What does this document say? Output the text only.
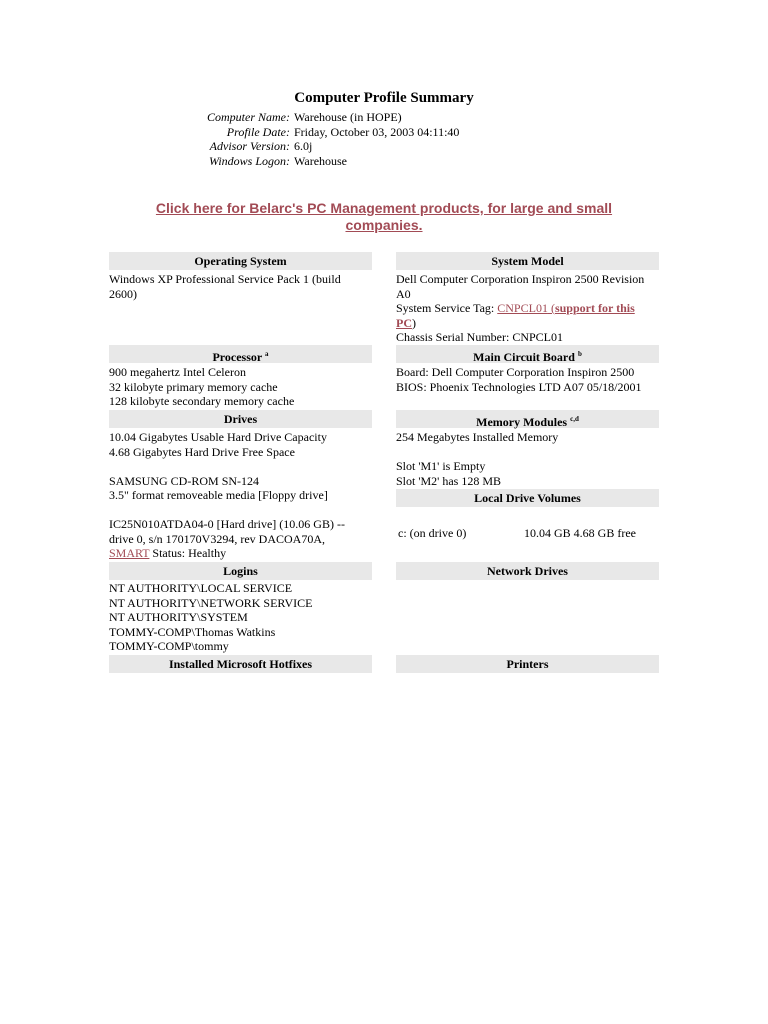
Computer Profile Summary
Computer Name:	Warehouse (in HOPE)
Profile Date:	Friday, October 03, 2003 04:11:40
Advisor Version:	6.0j
Windows Logon:	Warehouse
Click here for Belarc's PC Management products, for large and small
companies.
Operating System
Windows XP Professional Service Pack 1 (build
2600)
Processor $^a$
900 megahertz Intel Celeron
32 kilobyte primary memory cache
128 kilobyte secondary memory cache
Drives
10.04 Gigabytes Usable Hard Drive Capacity
4.68 Gigabytes Hard Drive Free Space
SAMSUNG CD-ROM SN-124
3.5" format removeable media [Floppy drive]
IC25N010ATDA04-0 [Hard drive] (10.06 GB) --
drive 0, s/n 170170V3294, rev DACOA70A,
SMART Status: Healthy
Logins
NT AUTHORITY\LOCAL SERVICE
NT AUTHORITY\NETWORK SERVICE
NT AUTHORITY\SYSTEM
TOMMY-COMP\Thomas Watkins
TOMMY-COMP\tommy
Installed Microsoft Hotfixes
System Model
Dell Computer Corporation Inspiron 2500 Revision
A0
System Service Tag: CNPCL01 (support for this
PC)
Chassis Serial Number: CNPCL01
Main Circuit Board $^b$
Board: Dell Computer Corporation Inspiron 2500
BIOS: Phoenix Technologies LTD A07 05/18/2001
Memory Modules $^{c,d}$
254 Megabytes Installed Memory
Slot 'M1' is Empty
Slot 'M2' has 128 MB
Local Drive Volumes
c: (on drive 0)	10.04 GB 4.68 GB free
Network Drives
Printers
